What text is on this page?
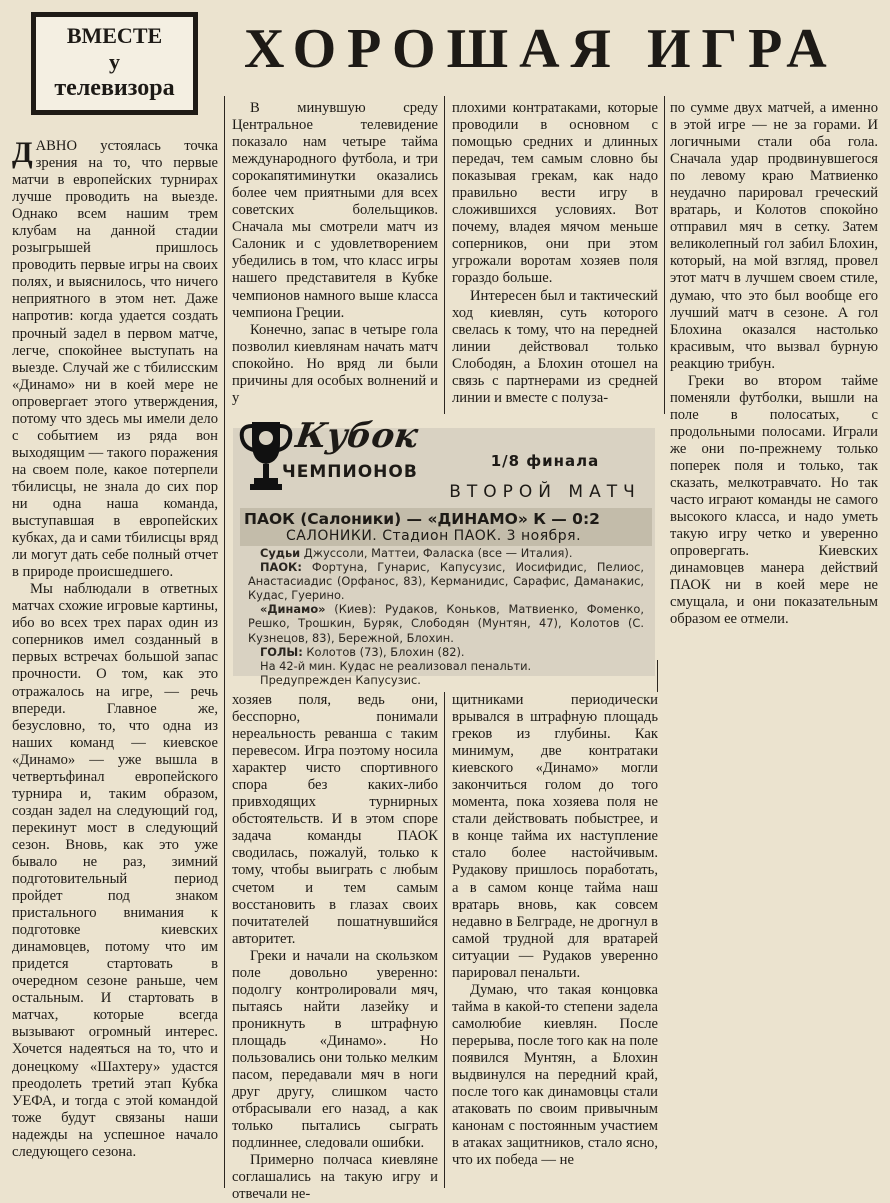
ВМЕСТЕ
у
телевизора
ХОРОШАЯ ИГРА

ДАВНО устоялась точка зрения на то, что первые матчи в европейских турнирах лучше проводить на выезде. Однако всем нашим трем клубам на данной стадии розыгрышей пришлось проводить первые игры на своих полях, и выяснилось, что ничего неприятного в этом нет. Даже напротив: когда удается создать прочный задел в первом матче, легче, спокойнее выступать на выезде. Случай же с тбилисским «Динамо» ни в коей мере не опровергает этого утверждения, потому что здесь мы имели дело с событием из ряда вон выходящим — такого поражения на своем поле, какое потерпели тбилисцы, не знала до сих пор ни одна наша команда, выступавшая в европейских кубках, да и сами тбилисцы вряд ли могут дать себе полный отчет в природе происшедшего.

Мы наблюдали в ответных матчах схожие игровые картины, ибо во всех трех парах один из соперников имел созданный в первых встречах большой запас прочности. О том, как это отражалось на игре, — речь впереди. Главное же, безусловно, то, что одна из наших команд — киевское «Динамо» — уже вышла в четвертьфинал европейского турнира и, таким образом, создан задел на следующий год, перекинут мост в следующий сезон. Вновь, как это уже бывало не раз, зимний подготовительный период пройдет под знаком пристального внимания к подготовке киевских динамовцев, потому что им придется стартовать в очередном сезоне раньше, чем остальным. И стартовать в матчах, которые всегда вызывают огромный интерес. Хочется надеяться на то, что и донецкому «Шахтеру» удастся преодолеть третий этап Кубка УЕФА, и тогда с этой командой тоже будут связаны наши надежды на успешное начало следующего сезона.

В минувшую среду Центральное телевидение показало нам четыре тайма международного футбола, и три сорокапятиминутки оказались более чем приятными для всех советских болельщиков. Сначала мы смотрели матч из Салоник и с удовлетворением убедились в том, что класс игры нашего представителя в Кубке чемпионов намного выше класса чемпиона Греции.

Конечно, запас в четыре гола позволил киевлянам начать матч спокойно. Но вряд ли были причины для особых волнений и у

плохими контратаками, которые проводили в основном с помощью средних и длинных передач, тем самым словно бы показывая грекам, как надо правильно вести игру в сложившихся условиях. Вот почему, владея мячом меньше соперников, они при этом угрожали воротам хозяев поля гораздо больше.

Интересен был и тактический ход киевлян, суть которого свелась к тому, что на передней линии действовал только Слободян, а Блохин отошел на связь с партнерами из средней линии и вместе с полуза-

по сумме двух матчей, а именно в этой игре — не за горами. И логичными стали оба гола. Сначала удар продвинувшегося по левому краю Матвиенко неудачно парировал греческий вратарь, и Колотов спокойно отправил мяч в сетку. Затем великолепный гол забил Блохин, который, на мой взгляд, провел этот матч в лучшем своем стиле, думаю, что это был вообще его лучший матч в сезоне. А гол Блохина оказался настолько красивым, что вызвал бурную реакцию трибун.

Греки во втором тайме поменяли футболки, вышли на поле в полосатых, с продольными полосами. Играли же они по-прежнему только поперек поля и только, так сказать, мелкотравчато. Но так часто играют команды не самого высокого класса, и надо уметь такую игру четко и уверенно опровергать. Киевских динамовцев манера действий ПАОК ни в коей мере не смущала, и они показательным образом ее отмели.

Кубок
ЧЕМПИОНОВ
1/8 финала
ВТОРОЙ МАТЧ
ПАОК (Салоники) — «ДИНАМО» К — 0:2
САЛОНИКИ. Стадион ПАОК. 3 ноября.

Судьи Джуссоли, Маттеи, Фаласка (все — Италия).

ПАОК: Фортуна, Гунарис, Капусузис, Иосифидис, Пелиос, Анастасиадис (Орфанос, 83), Керманидис, Сарафис, Даманакис, Кудас, Гуерино.

«Динамо» (Киев): Рудаков, Коньков, Матвиенко, Фоменко, Решко, Трошкин, Буряк, Слободян (Мунтян, 47), Колотов (С. Кузнецов, 83), Бережной, Блохин.

ГОЛЫ: Колотов (73), Блохин (82).

На 42-й мин. Кудас не реализовал пенальти.

Предупрежден Капусузис.

хозяев поля, ведь они, бесспорно, понимали нереальность реванша с таким перевесом. Игра поэтому носила характер чисто спортивного спора без каких-либо привходящих турнирных обстоятельств. И в этом споре задача команды ПАОК сводилась, пожалуй, только к тому, чтобы выиграть с любым счетом и тем самым восстановить в глазах своих почитателей пошатнувшийся авторитет.

Греки и начали на скользком поле довольно уверенно: подолгу контролировали мяч, пытаясь найти лазейку и проникнуть в штрафную площадь «Динамо». Но пользовались они только мелким пасом, передавали мяч в ноги друг другу, слишком часто отбрасывали его назад, а как только пытались сыграть подлиннее, следовали ошибки.

Примерно полчаса киевляне соглашались на такую игру и отвечали не-

щитниками периодически врывался в штрафную площадь греков из глубины. Как минимум, две контратаки киевского «Динамо» могли закончиться голом до того момента, пока хозяева поля не стали действовать побыстрее, и в конце тайма их наступление стало более настойчивым. Рудакову пришлось поработать, а в самом конце тайма наш вратарь вновь, как совсем недавно в Белграде, не дрогнул в самой трудной для вратарей ситуации — Рудаков уверенно парировал пенальти.

Думаю, что такая концовка тайма в какой-то степени задела самолюбие киевлян. После перерыва, после того как на поле появился Мунтян, а Блохин выдвинулся на передний край, после того как динамовцы стали атаковать по своим привычным канонам с постоянным участием в атаках защитников, стало ясно, что их победа — не
